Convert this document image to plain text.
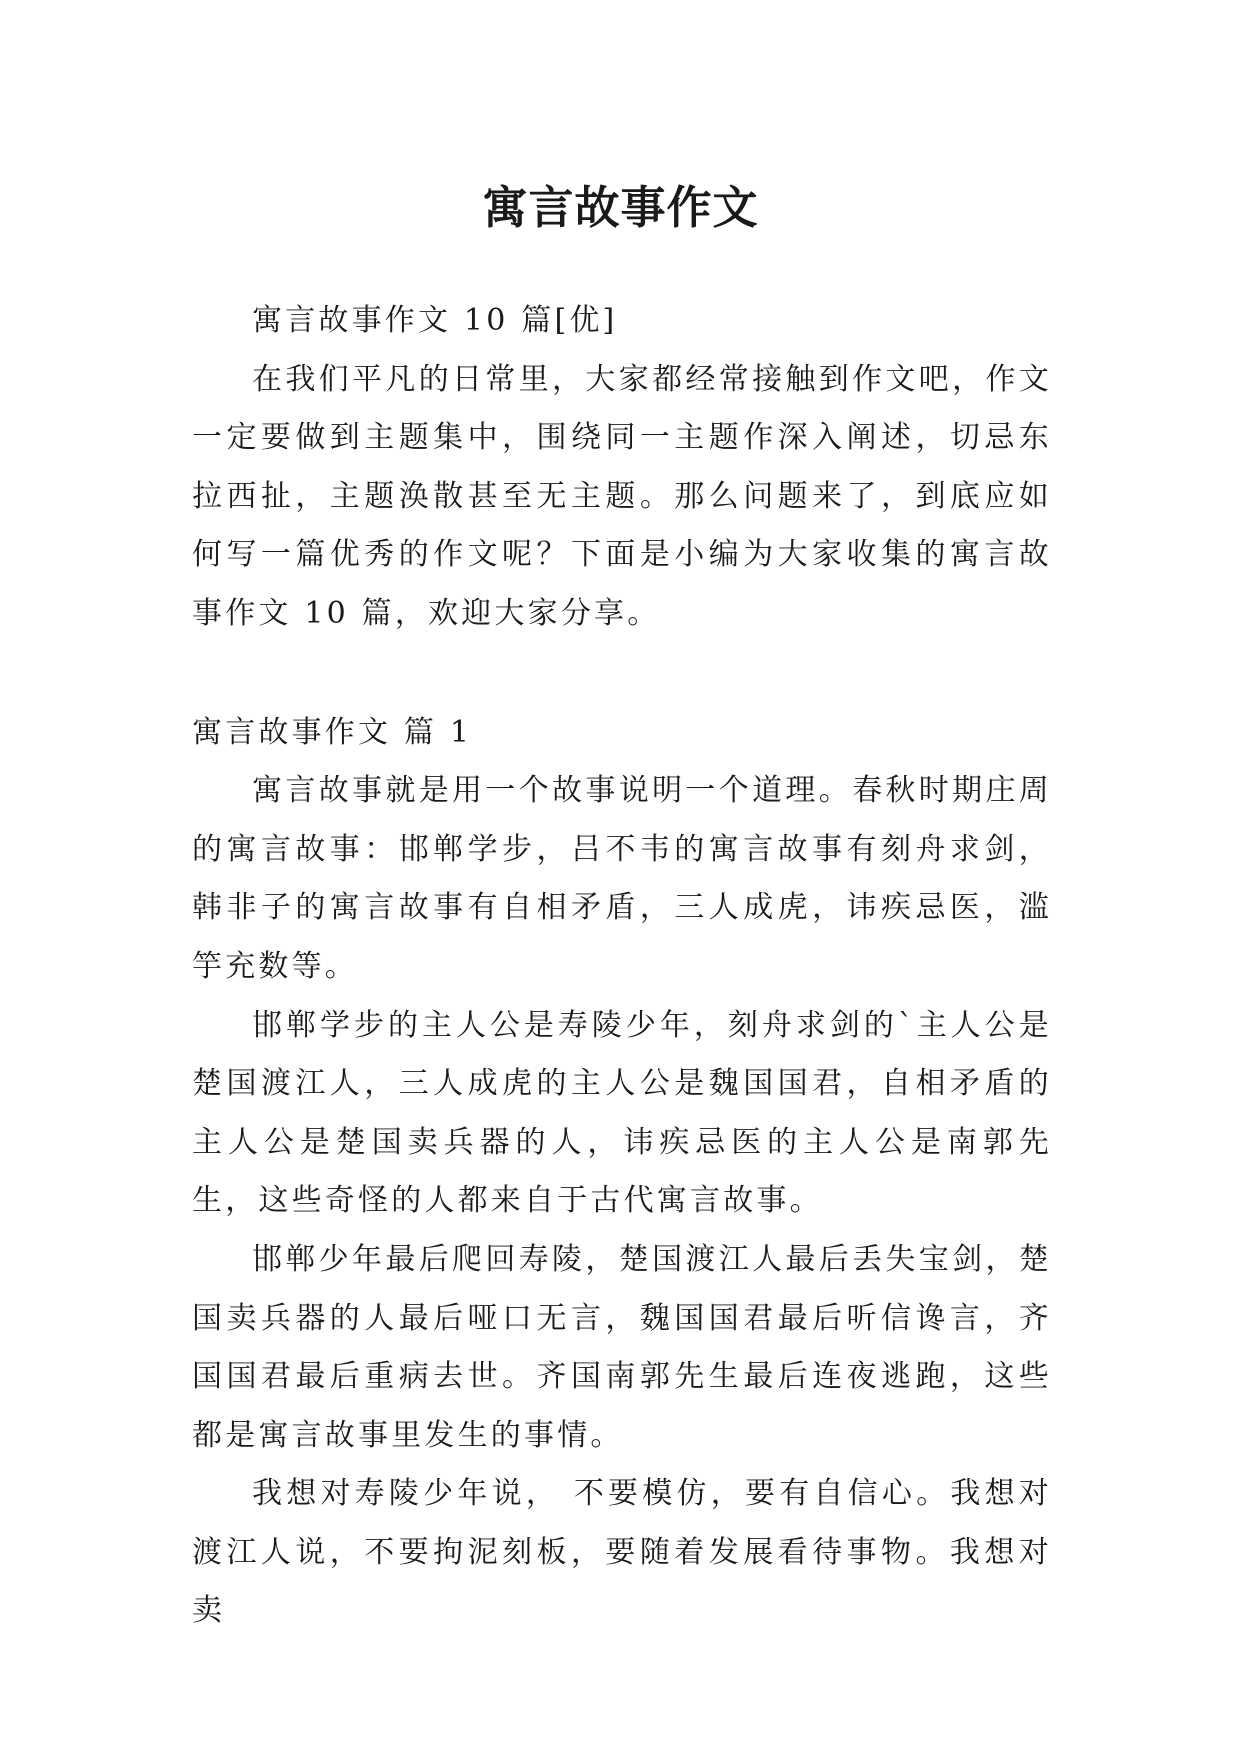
寓言故事作文

寓言故事作文 10 篇[优]

在我们平凡的日常里，大家都经常接触到作文吧，作文一定要做到主题集中，围绕同一主题作深入阐述，切忌东拉西扯，主题涣散甚至无主题。那么问题来了，到底应如何写一篇优秀的作文呢？下面是小编为大家收集的寓言故事作文 10 篇，欢迎大家分享。

寓言故事作文 篇 1

寓言故事就是用一个故事说明一个道理。春秋时期庄周的寓言故事：邯郸学步，吕不韦的寓言故事有刻舟求剑，韩非子的寓言故事有自相矛盾，三人成虎，讳疾忌医，滥竽充数等。

邯郸学步的主人公是寿陵少年，刻舟求剑的`主人公是楚国渡江人，三人成虎的主人公是魏国国君，自相矛盾的主人公是楚国卖兵器的人，讳疾忌医的主人公是南郭先生，这些奇怪的人都来自于古代寓言故事。

邯郸少年最后爬回寿陵，楚国渡江人最后丢失宝剑，楚国卖兵器的人最后哑口无言，魏国国君最后听信谗言，齐国国君最后重病去世。齐国南郭先生最后连夜逃跑，这些都是寓言故事里发生的事情。

我想对寿陵少年说， 不要模仿，要有自信心。我想对渡江人说，不要拘泥刻板，要随着发展看待事物。我想对卖
